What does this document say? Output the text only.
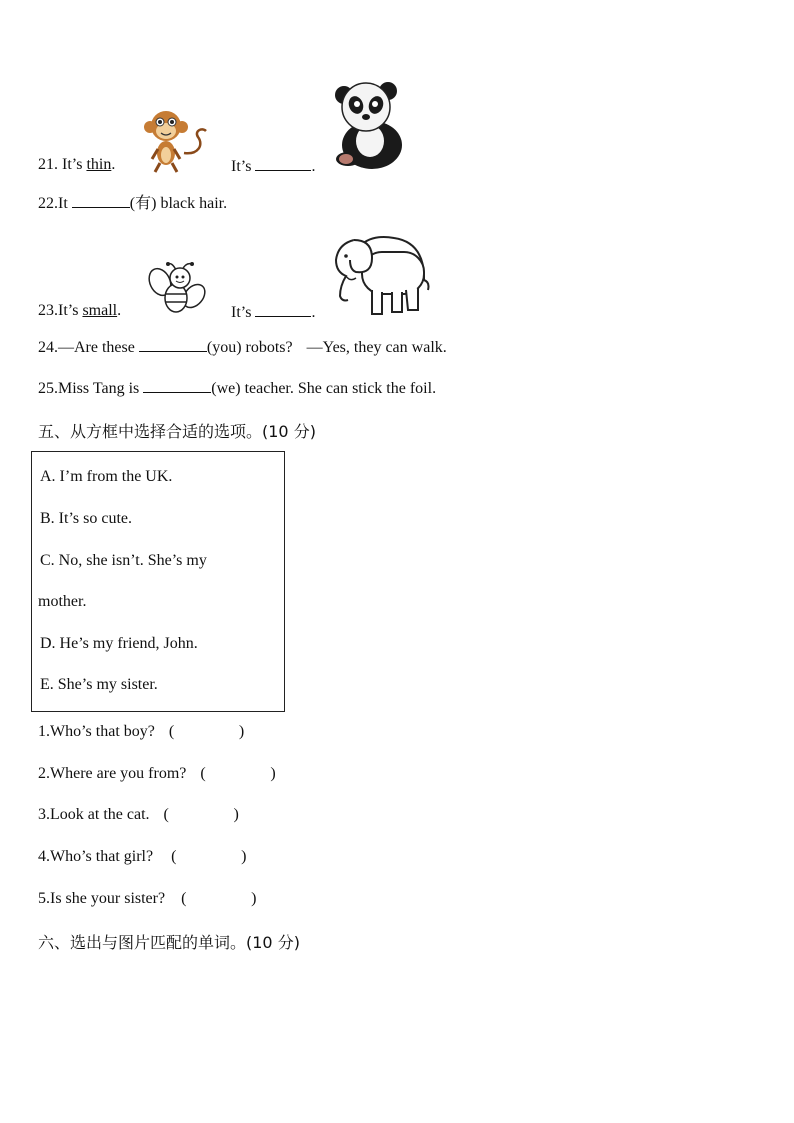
21. It’s thin.	It’s	.
22.It	(有) black hair.
23.It’s small.	It’s	.
24.—Are these	(you) robots? —Yes, they can walk.
25.Miss Tang is	(we) teacher. She can stick the foil.
五、从方框中选择合适的选项。(10 分)
A. I’m from the UK.
B. It’s so cute.
C. No, she isn’t. She’s my
mother.
D. He’s my friend, John.
E. She’s my sister.
1.Who’s that boy? (	)
2.Where are you from? (	)
3.Look at the cat. (	)
4.Who’s that girl? (	)
5.Is she your sister? (	)
六、选出与图片匹配的单词。(10 分)
